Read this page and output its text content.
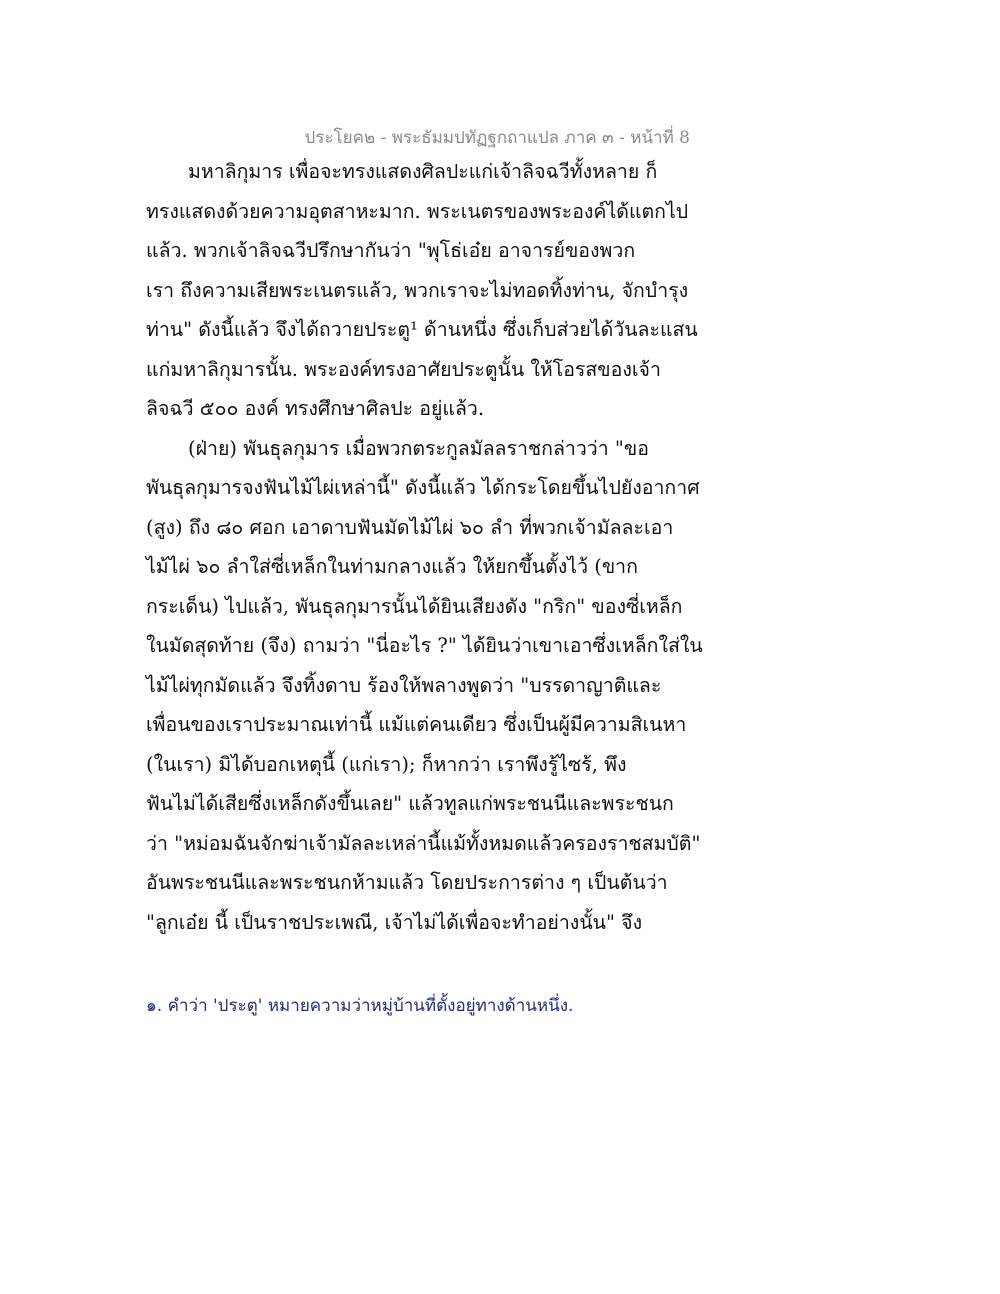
ประโยค๒ - พระธัมมปทัฏฐกถาแปล ภาค ๓ - หน้าที่ 8
มหาลิกุมาร เพื่อจะทรงแสดงศิลปะแก่เจ้าลิจฉวีทั้งหลาย ก็
ทรงแสดงด้วยความอุตสาหะมาก. พระเนตรของพระองค์ได้แตกไป
แล้ว. พวกเจ้าลิจฉวีปรึกษากันว่า "พุโธ่เอ๋ย อาจารย์ของพวก
เรา ถึงความเสียพระเนตรแล้ว, พวกเราจะไม่ทอดทิ้งท่าน, จักบำรุง
ท่าน" ดังนี้แล้ว จึงได้ถวายประตู¹ ด้านหนึ่ง ซึ่งเก็บส่วยได้วันละแสน
แก่มหาลิกุมารนั้น. พระองค์ทรงอาศัยประตูนั้น ให้โอรสของเจ้า
ลิจฉวี ๕๐๐ องค์ ทรงศึกษาศิลปะ อยู่แล้ว.
(ฝ่าย) พันธุลกุมาร เมื่อพวกตระกูลมัลลราชกล่าวว่า "ขอ
พันธุลกุมารจงฟันไม้ไผ่เหล่านี้" ดังนี้แล้ว ได้กระโดยขึ้นไปยังอากาศ
(สูง) ถึง ๘๐ ศอก เอาดาบฟันมัดไม้ไผ่ ๖๐ ลำ ที่พวกเจ้ามัลละเอา
ไม้ไผ่ ๖๐ ลำใส่ซี่เหล็กในท่ามกลางแล้ว ให้ยกขึ้นตั้งไว้ (ขาก
กระเด็น) ไปแล้ว, พันธุลกุมารนั้นได้ยินเสียงดัง "กริก" ของซี่เหล็ก
ในมัดสุดท้าย (จึง) ถามว่า "นี่อะไร ?" ได้ยินว่าเขาเอาซึ่งเหล็กใส่ใน
ไม้ไผ่ทุกมัดแล้ว จึงทิ้งดาบ ร้องให้พลางพูดว่า "บรรดาญาติและ
เพื่อนของเราประมาณเท่านี้ แม้แต่คนเดียว ซึ่งเป็นผู้มีความสิเนหา
(ในเรา) มิได้บอกเหตุนี้ (แก่เรา); ก็หากว่า เราพึงรู้ไซร้, พึง
ฟันไม่ได้เสียซึ่งเหล็กดังขึ้นเลย" แล้วทูลแก่พระชนนีและพระชนก
ว่า "หม่อมฉันจักฆ่าเจ้ามัลละเหล่านี้แม้ทั้งหมดแล้วครองราชสมบัติ"
อันพระชนนีและพระชนกห้ามแล้ว โดยประการต่าง ๆ เป็นต้นว่า
"ลูกเอ๋ย นี้ เป็นราชประเพณี, เจ้าไม่ได้เพื่อจะทำอย่างนั้น" จึง
๑. คำว่า 'ประตู' หมายความว่าหมู่บ้านที่ตั้งอยู่ทางด้านหนึ่ง.
